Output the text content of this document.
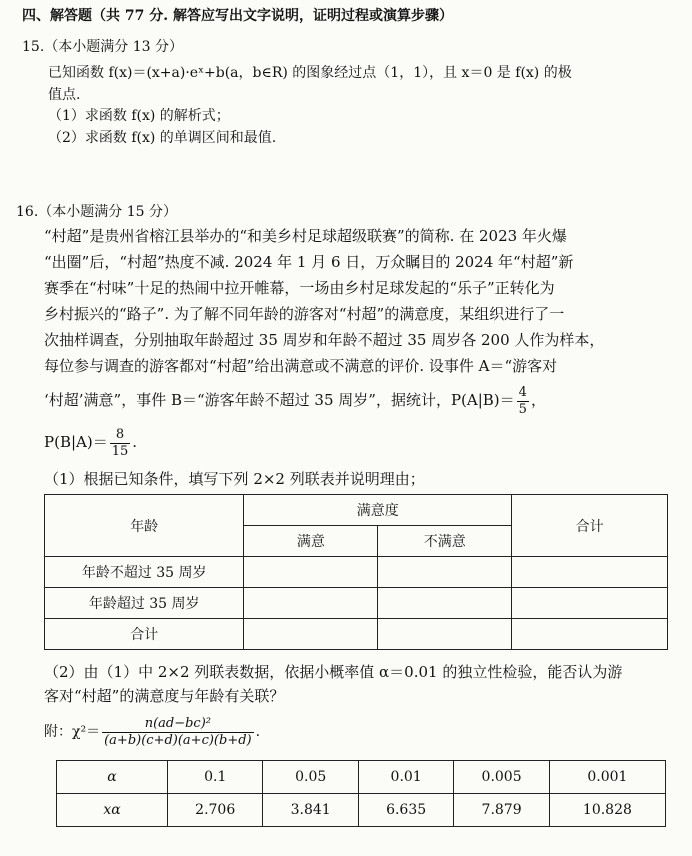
四、解答题（共 77 分. 解答应写出文字说明，证明过程或演算步骤）
15.（本小题满分 13 分）
已知函数 f(x)＝(x+a)·eˣ+b(a，b∈R) 的图象经过点（1，1），且 x＝0 是 f(x) 的极
值点.
（1）求函数 f(x) 的解析式；
（2）求函数 f(x) 的单调区间和最值.
16.（本小题满分 15 分）
“村超”是贵州省榕江县举办的“和美乡村足球超级联赛”的简称. 在 2023 年火爆
“出圈”后，“村超”热度不减. 2024 年 1 月 6 日，万众瞩目的 2024 年“村超”新
赛季在“村味”十足的热闹中拉开帷幕，一场由乡村足球发起的“乐子”正转化为
乡村振兴的“路子”. 为了解不同年龄的游客对“村超”的满意度，某组织进行了一
次抽样调查，分别抽取年龄超过 35 周岁和年龄不超过 35 周岁各 200 人作为样本，
每位参与调查的游客都对“村超”给出满意或不满意的评价. 设事件 A＝“游客对
‘村超’满意”，事件 B＝“游客年龄不超过 35 周岁”，据统计，$P(A|B)= \frac{4}{5}$ ，
$P(B|A)= \frac{8}{15}$ .
（1）根据已知条件，填写下列 2×2 列联表并说明理由；
年龄	满意度		合计
	满意	不满意	
年龄不超过 35 周岁			
年龄超过 35 周岁			
合计			
（2）由（1）中 2×2 列联表数据，依据小概率值 α＝0.01 的独立性检验，能否认为游
客对“村超”的满意度与年龄有关联？
附：$\chi^2= \frac{\text{n(ad−bc)²}}{(a+b)(c+d)(a+c)(b+d)}$ .
α	0.1	0.05	0.01	0.005	0.001
xα	2.706	3.841	6.635	7.879	10.828
